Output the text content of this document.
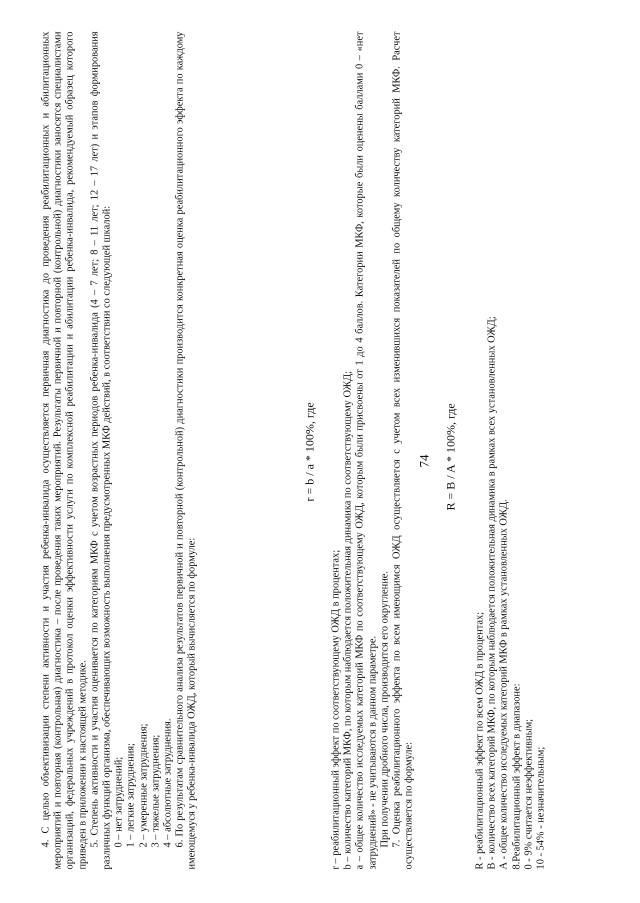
74

4. С целью объективизации степени активности и участия ребенка-инвалида осуществляется первичная диагностика до проведения реабилитационных и абилитационных мероприятий и повторная (контрольная) диагностика – после проведения таких мероприятий. Результаты первичной и повторной (контрольной) диагностики заносятся специалистами организаций, федеральных учреждений в протокол оценки эффективности услуги по комплексной реабилитации и абилитации ребенка-инвалида, рекомендуемый образец которого приведен в приложении к настоящей методике. 5. Степень активности и участия оценивается по категориям МКФ с учетом возрастных периодов ребенка-инвалида (4 – 7 лет; 8 – 11 лет; 12 – 17 лет) и этапов формирования различных функций организма, обеспечивающих возможность выполнения предусмотренных МКФ действий, в соответствии со следующей шкалой: 0 – нет затруднений; 1 – легкие затруднения; 2 – умеренные затруднения; 3 – тяжелые затруднения; 4 – абсолютные затруднения. 6. По результатам сравнительного анализа результатов первичной и повторной (контрольной) диагностики производится конкретная оценка реабилитационного эффекта по каждому имеющемуся у ребенка-инвалида ОЖД, который вычисляется по формуле:

r = b / a * 100%, где

r – реабилитационный эффект по соответствующему ОЖД в процентах; b – количество категорий МКФ, по которым наблюдается положительная динамика по соответствующему ОЖД; а – общее количество исследуемых категорий МКФ по соответствующему ОЖД, которым были присвоены от 1 до 4 баллов. Категории МКФ, которые были оценены баллами 0 – «нет затруднений» - не учитываются в данном параметре. При получении дробного числа, производится его округление. 7. Оценка реабилитационного эффекта по всем имеющимся ОЖД осуществляется с учетом всех изменившихся показателей по общему количеству категорий МКФ. Расчет осуществляется по формуле:

R = B / A * 100%, где

R - реабилитационный эффект по всем ОЖД в процентах; В - количество всех категорий МКФ, по которым наблюдается положительная динамика в рамках всех установленных ОЖД; А - общее количество исследуемых категорий МКФ в рамках установленных ОЖД. 8.Реабилитационный эффект в диапазоне: 0 - 9% считается неэффективным; 10 - 54% - незначительным;
